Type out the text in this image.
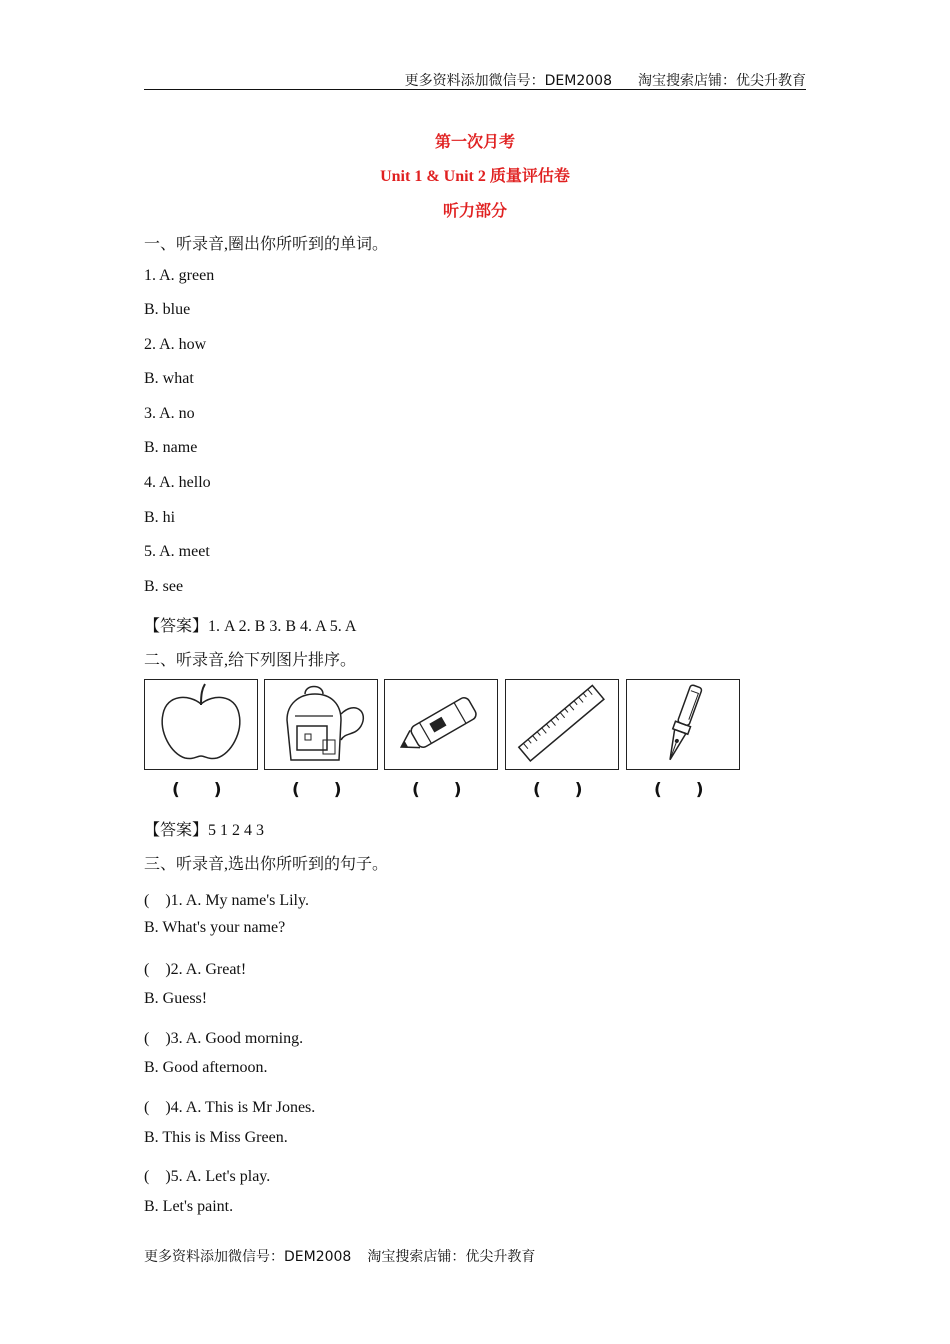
更多资料添加微信号：DEM2008 淘宝搜索店铺：优尖升教育
第一次月考
Unit 1 & Unit 2 质量评估卷
听力部分
一、听录音,圈出你所听到的单词。
1. A. green
B. blue
2. A. how
B. what
3. A. no
B. name
4. A. hello
B. hi
5. A. meet
B. see
【答案】1. A 2. B 3. B 4. A 5. A
二、听录音,给下列图片排序。
(　　)	(　　)	(　　)	(　　)	(　　)
【答案】5 1 2 4 3
三、听录音,选出你所听到的句子。
(　)1. A. My name's Lily.
B. What's your name?
(　)2. A. Great!
B. Guess!
(　)3. A. Good morning.
B. Good afternoon.
(　)4. A. This is Mr Jones.
B. This is Miss Green.
(　)5. A. Let's play.
B. Let's paint.
更多资料添加微信号：DEM2008 淘宝搜索店铺：优尖升教育
